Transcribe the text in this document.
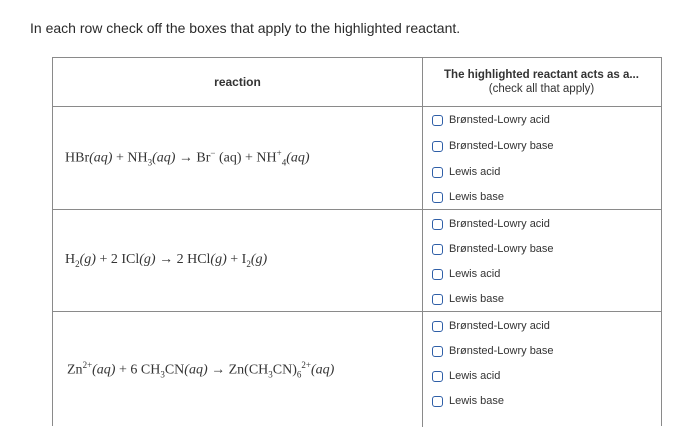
In each row check off the boxes that apply to the highlighted reactant.
reaction	The highlighted reactant acts as a...
(check all that apply)
$HBr(aq) + NH_3(aq) \to Br^-$ $(aq) + NH^+_4(aq)$
Brønsted-Lowry acid
Brønsted-Lowry base
Lewis acid
Lewis base
$H_2(g) + 2$ ICl(g) → 2 $HCl(g) + I_2(g)$
Brønsted-Lowry acid
Brønsted-Lowry base
Lewis acid
Lewis base
$Zn^{2+}(aq) + 6$ $CH_3CN(aq) \to Zn(CH_3CN)_6^{2+}(aq)$
Brønsted-Lowry acid
Brønsted-Lowry base
Lewis acid
Lewis base
